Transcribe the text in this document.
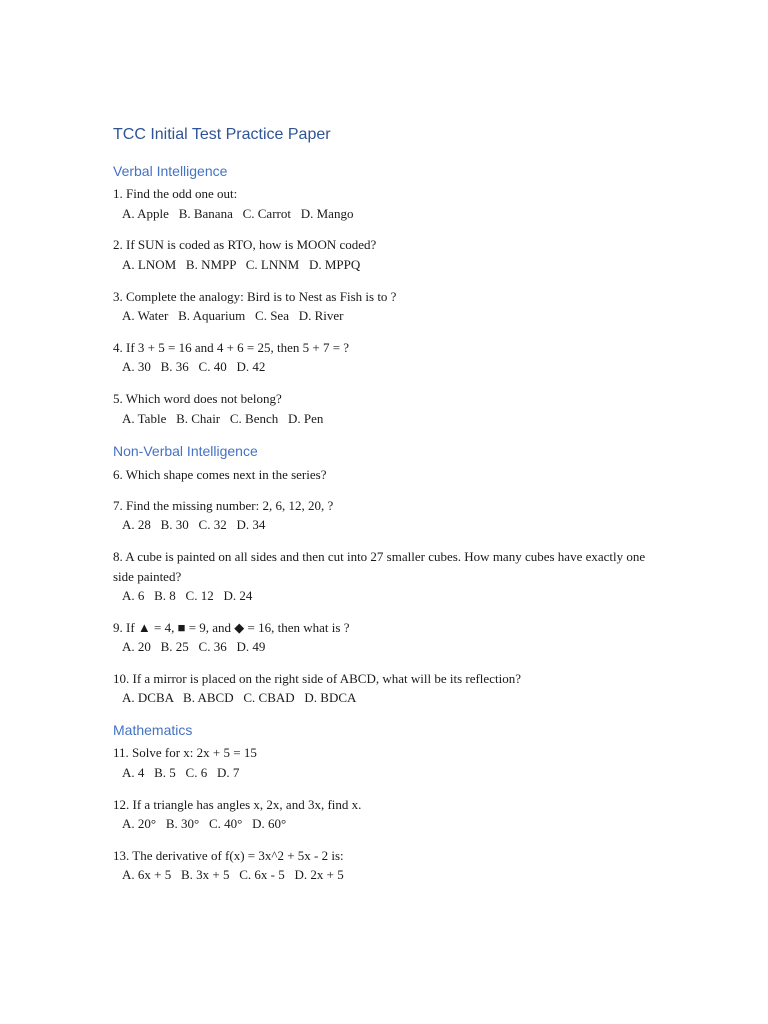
TCC Initial Test Practice Paper
Verbal Intelligence

1. Find the odd one out:

A. Apple   B. Banana   C. Carrot   D. Mango

2. If SUN is coded as RTO, how is MOON coded?

A. LNOM   B. NMPP   C. LNNM   D. MPPQ

3. Complete the analogy: Bird is to Nest as Fish is to ?

A. Water   B. Aquarium   C. Sea   D. River

4. If 3 + 5 = 16 and 4 + 6 = 25, then 5 + 7 = ?

A. 30   B. 36   C. 40   D. 42

5. Which word does not belong?

A. Table   B. Chair   C. Bench   D. Pen

Non-Verbal Intelligence

6. Which shape comes next in the series?

7. Find the missing number: 2, 6, 12, 20, ?

A. 28   B. 30   C. 32   D. 34

8. A cube is painted on all sides and then cut into 27 smaller cubes. How many cubes have exactly one side painted?

A. 6   B. 8   C. 12   D. 24

9. If ▲ = 4, ■ = 9, and ◆ = 16, then what is ?

A. 20   B. 25   C. 36   D. 49

10. If a mirror is placed on the right side of ABCD, what will be its reflection?

A. DCBA   B. ABCD   C. CBAD   D. BDCA

Mathematics

11. Solve for x: 2x + 5 = 15

A. 4   B. 5   C. 6   D. 7

12. If a triangle has angles x, 2x, and 3x, find x.

A. 20°   B. 30°   C. 40°   D. 60°

13. The derivative of f(x) = 3x^2 + 5x - 2 is:

A. 6x + 5   B. 3x + 5   C. 6x - 5   D. 2x + 5
